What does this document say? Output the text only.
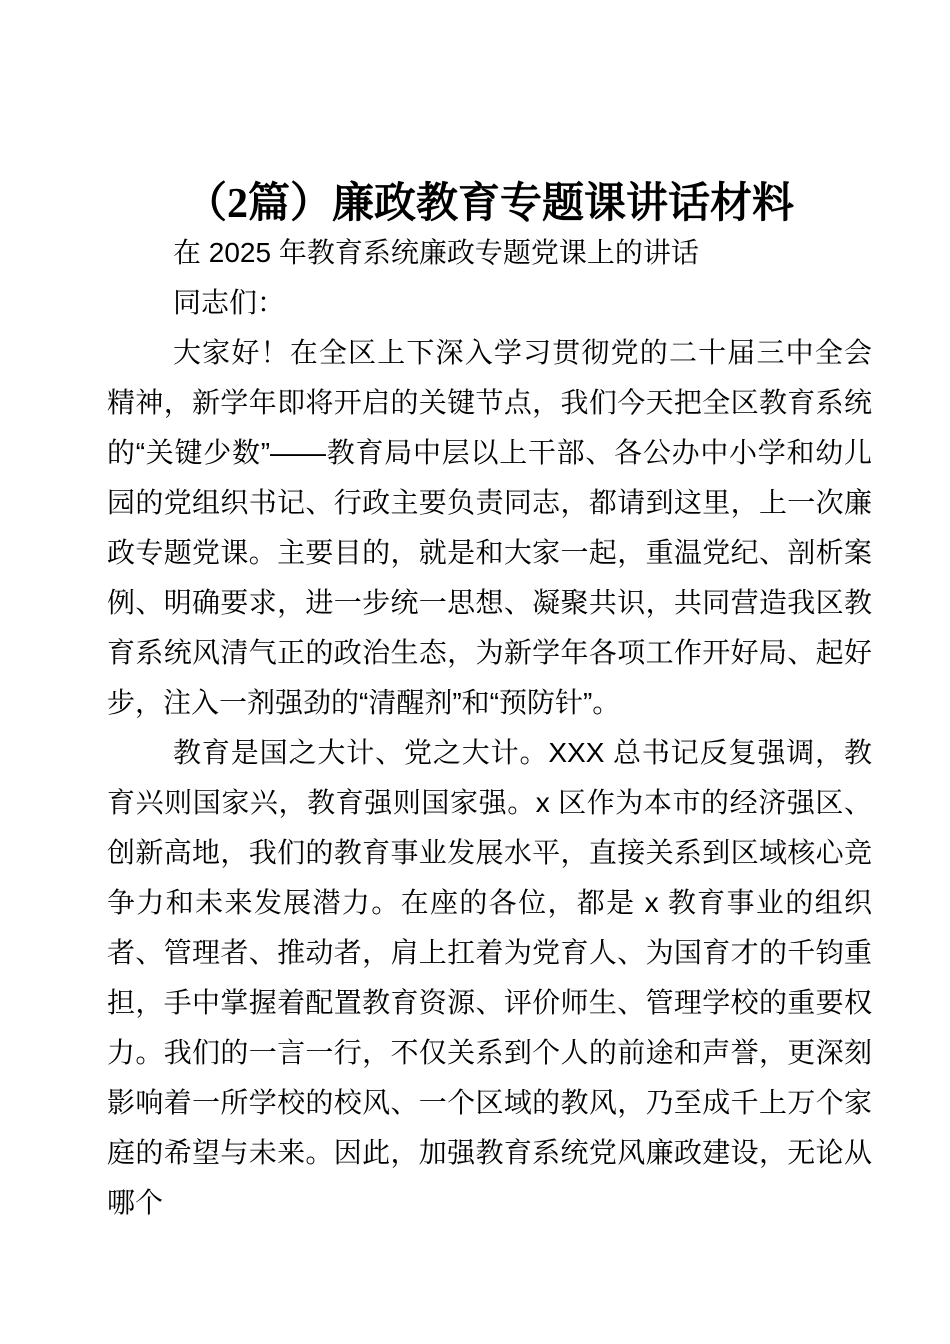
（2篇）廉政教育专题课讲话材料

在 2025 年教育系统廉政专题党课上的讲话

同志们：

大家好！在全区上下深入学习贯彻党的二十届三中全会精神，新学年即将开启的关键节点，我们今天把全区教育系统的“关键少数”——教育局中层以上干部、各公办中小学和幼儿园的党组织书记、行政主要负责同志，都请到这里，上一次廉政专题党课。主要目的，就是和大家一起，重温党纪、剖析案例、明确要求，进一步统一思想、凝聚共识，共同营造我区教育系统风清气正的政治生态，为新学年各项工作开好局、起好步，注入一剂强劲的“清醒剂”和“预防针”。

教育是国之大计、党之大计。XXX 总书记反复强调，教育兴则国家兴，教育强则国家强。x 区作为本市的经济强区、创新高地，我们的教育事业发展水平，直接关系到区域核心竞争力和未来发展潜力。在座的各位，都是 x 教育事业的组织者、管理者、推动者，肩上扛着为党育人、为国育才的千钧重担，手中掌握着配置教育资源、评价师生、管理学校的重要权力。我们的一言一行，不仅关系到个人的前途和声誉，更深刻影响着一所学校的校风、一个区域的教风，乃至成千上万个家庭的希望与未来。因此，加强教育系统党风廉政建设，无论从哪个
